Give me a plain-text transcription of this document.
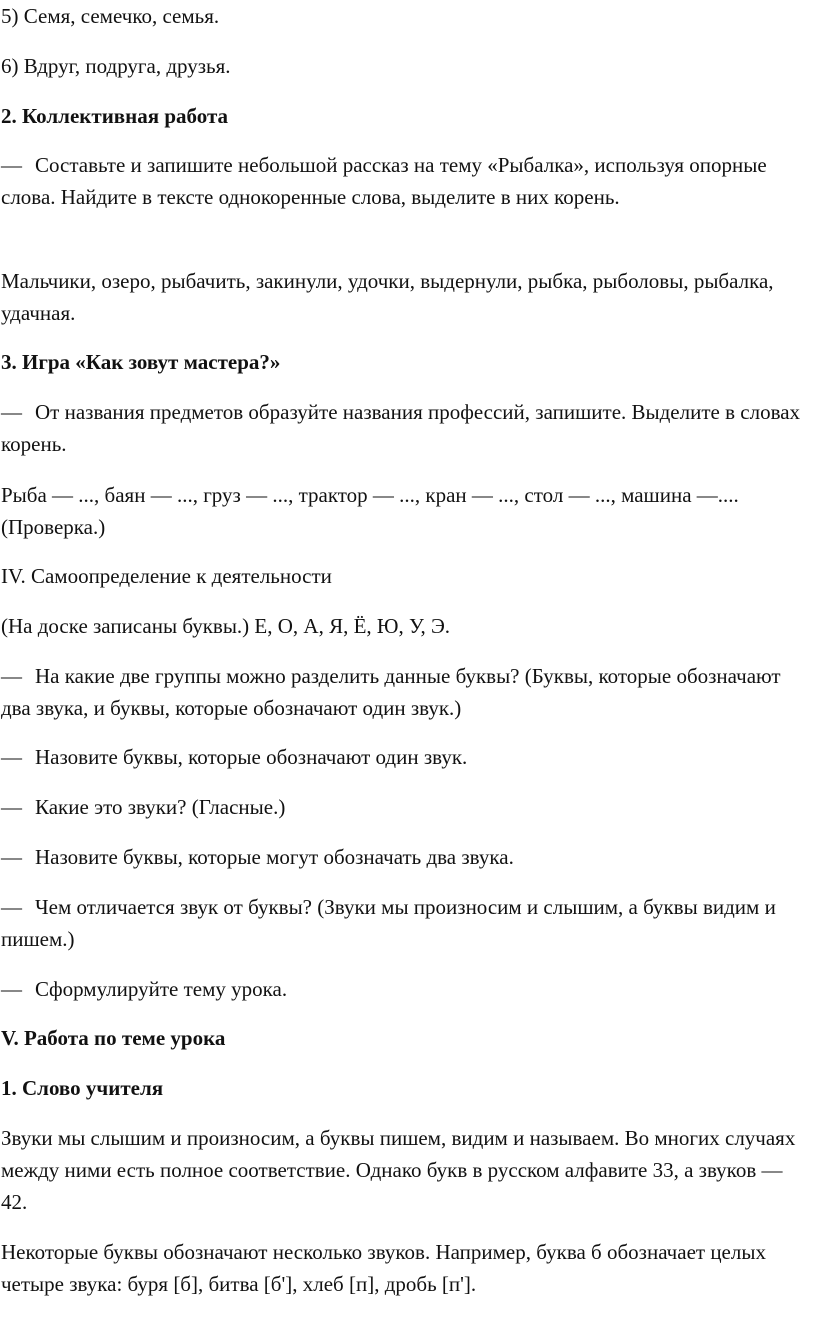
5) Семя, семечко, семья.

6) Вдруг, подруга, друзья.

2. Коллективная работа

— Составьте и запишите небольшой рассказ на тему «Рыбалка», используя опорные слова. Найдите в тексте однокоренные слова, выделите в них корень.

Мальчики, озеро, рыбачить, закинули, удочки, выдернули, рыбка, рыболовы, рыбалка, удачная.

3. Игра «Как зовут мастера?»

— От названия предметов образуйте названия профессий, запишите. Выделите в словах корень.

Рыба — ..., баян — ..., груз — ..., трактор — ..., кран — ..., стол — ..., машина —.... (Проверка.)

IV. Самоопределение к деятельности

(На доске записаны буквы.) Е, О, А, Я, Ё, Ю, У, Э.

— На какие две группы можно разделить данные буквы? (Буквы, которые обозначают два звука, и буквы, которые обозначают один звук.)
— Назовите буквы, которые обозначают один звук.
— Какие это звуки? (Гласные.)
— Назовите буквы, которые могут обозначать два звука.
— Чем отличается звук от буквы? (Звуки мы произносим и слышим, а буквы видим и пишем.)
— Сформулируйте тему урока.

V. Работа по теме урока

1. Слово учителя

Звуки мы слышим и произносим, а буквы пишем, видим и называем. Во многих случаях между ними есть полное соответствие. Однако букв в русском алфавите 33, а звуков — 42.

Некоторые буквы обозначают несколько звуков. Например, буква б обозначает целых четыре звука: буря [б], битва [б'], хлеб [п], дробь [п'].
